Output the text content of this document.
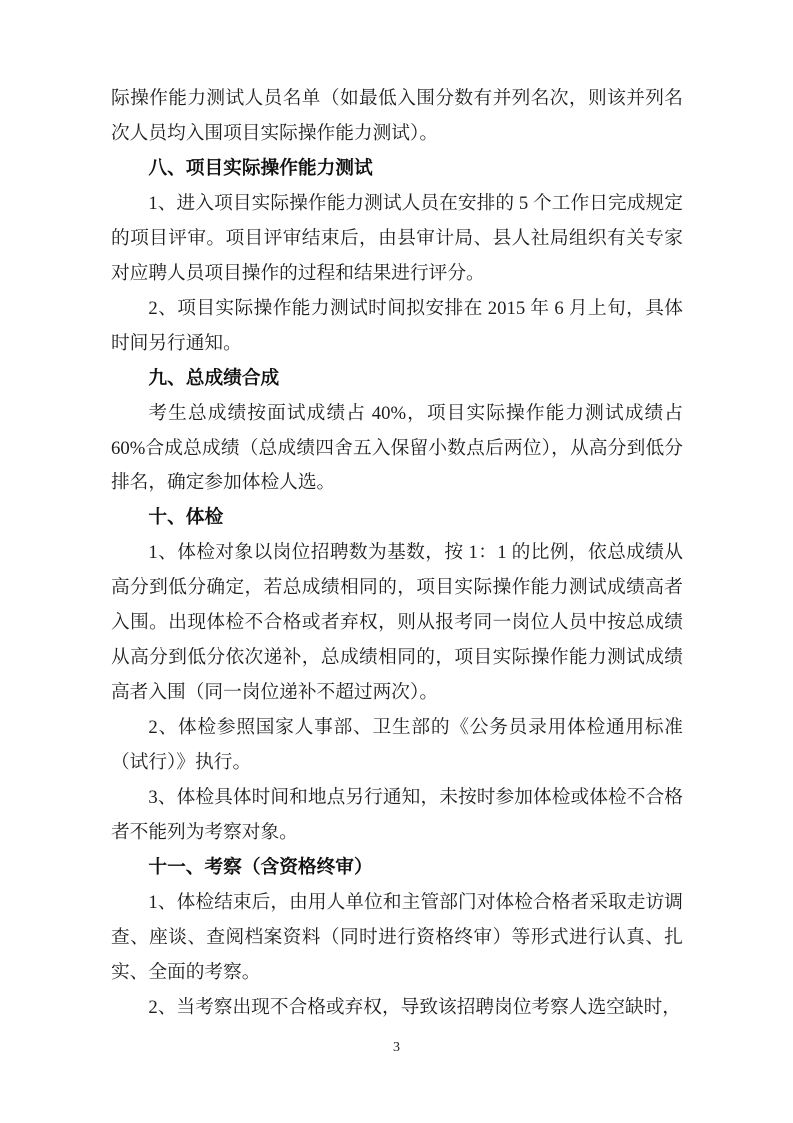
际操作能力测试人员名单（如最低入围分数有并列名次，则该并列名次人员均入围项目实际操作能力测试）。

八、项目实际操作能力测试

1、进入项目实际操作能力测试人员在安排的 5 个工作日完成规定的项目评审。项目评审结束后，由县审计局、县人社局组织有关专家对应聘人员项目操作的过程和结果进行评分。

2、项目实际操作能力测试时间拟安排在 2015 年 6 月上旬，具体时间另行通知。

九、总成绩合成

考生总成绩按面试成绩占 40%，项目实际操作能力测试成绩占 60%合成总成绩（总成绩四舍五入保留小数点后两位），从高分到低分排名，确定参加体检人选。

十、体检

1、体检对象以岗位招聘数为基数，按 1：1 的比例，依总成绩从高分到低分确定，若总成绩相同的，项目实际操作能力测试成绩高者入围。出现体检不合格或者弃权，则从报考同一岗位人员中按总成绩从高分到低分依次递补，总成绩相同的，项目实际操作能力测试成绩高者入围（同一岗位递补不超过两次）。

2、体检参照国家人事部、卫生部的《公务员录用体检通用标准（试行）》执行。

3、体检具体时间和地点另行通知，未按时参加体检或体检不合格者不能列为考察对象。

十一、考察（含资格终审）

1、体检结束后，由用人单位和主管部门对体检合格者采取走访调查、座谈、查阅档案资料（同时进行资格终审）等形式进行认真、扎实、全面的考察。

2、当考察出现不合格或弃权，导致该招聘岗位考察人选空缺时，

3
